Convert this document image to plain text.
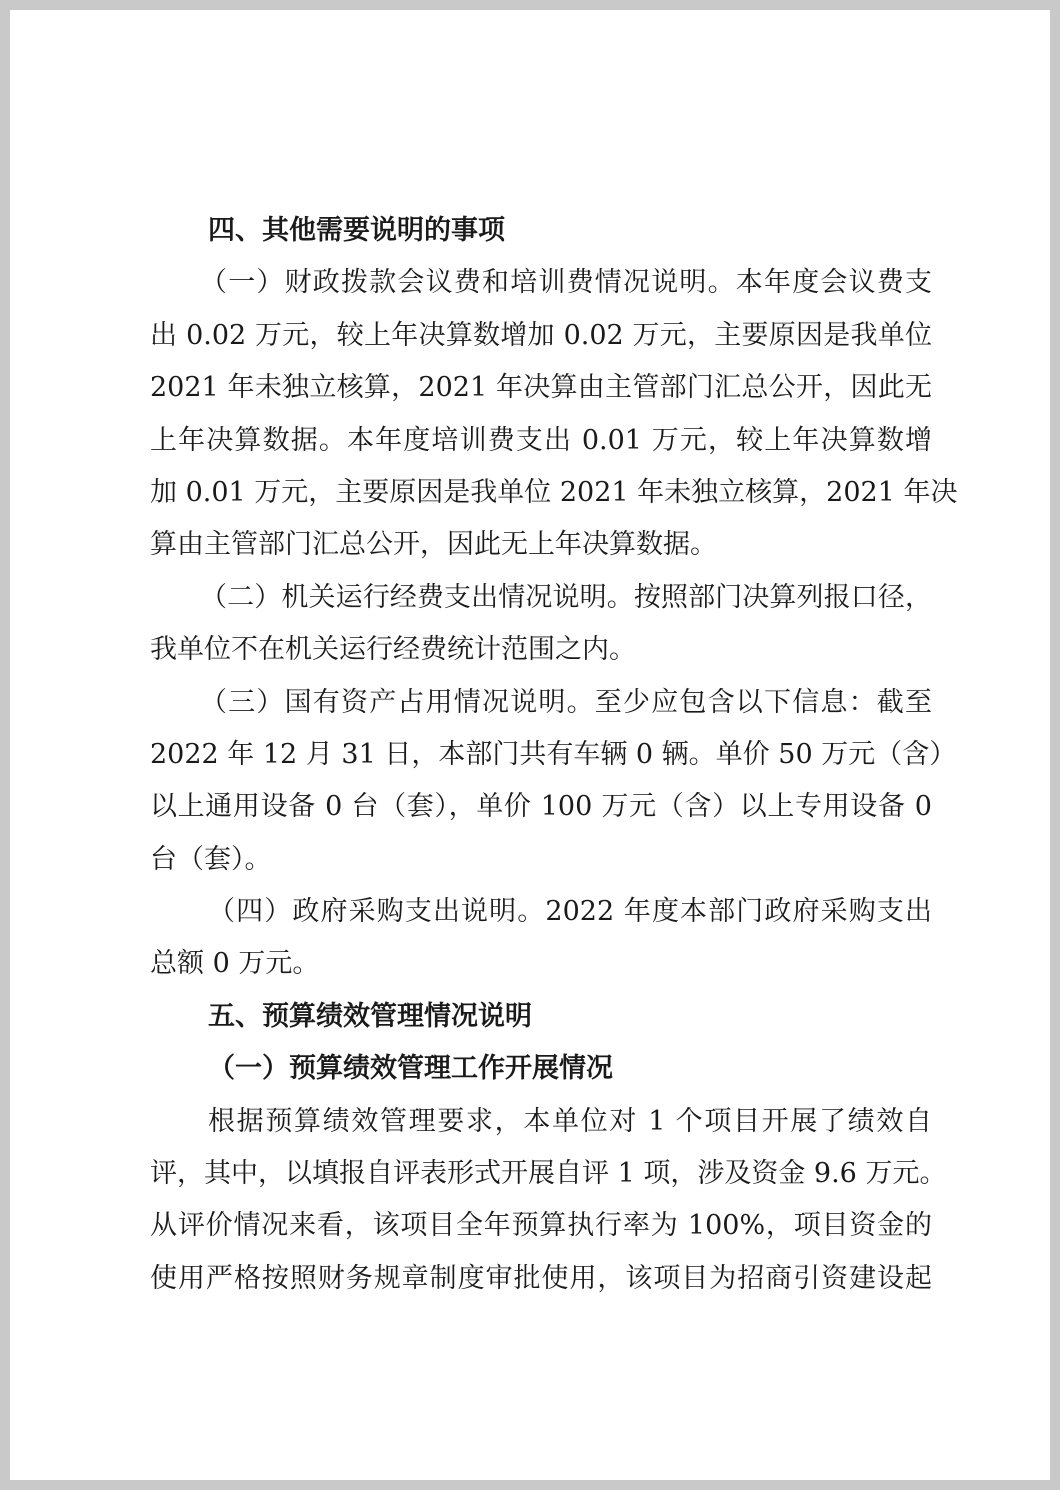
四、其他需要说明的事项
（一）财政拨款会议费和培训费情况说明。本年度会议费支
出 0.02 万元，较上年决算数增加 0.02 万元，主要原因是我单位
2021 年未独立核算，2021 年决算由主管部门汇总公开，因此无
上年决算数据。本年度培训费支出 0.01 万元，较上年决算数增
加 0.01 万元，主要原因是我单位 2021 年未独立核算，2021 年决
算由主管部门汇总公开，因此无上年决算数据。
（二）机关运行经费支出情况说明。按照部门决算列报口径，
我单位不在机关运行经费统计范围之内。
（三）国有资产占用情况说明。至少应包含以下信息：截至
2022 年 12 月 31 日，本部门共有车辆 0 辆。单价 50 万元（含）
以上通用设备 0 台（套），单价 100 万元（含）以上专用设备 0
台（套）。
（四）政府采购支出说明。2022 年度本部门政府采购支出
总额 0 万元。
五、预算绩效管理情况说明
（一）预算绩效管理工作开展情况
根据预算绩效管理要求，本单位对 1 个项目开展了绩效自
评，其中，以填报自评表形式开展自评 1 项，涉及资金 9.6 万元。
从评价情况来看，该项目全年预算执行率为 100%，项目资金的
使用严格按照财务规章制度审批使用，该项目为招商引资建设起
